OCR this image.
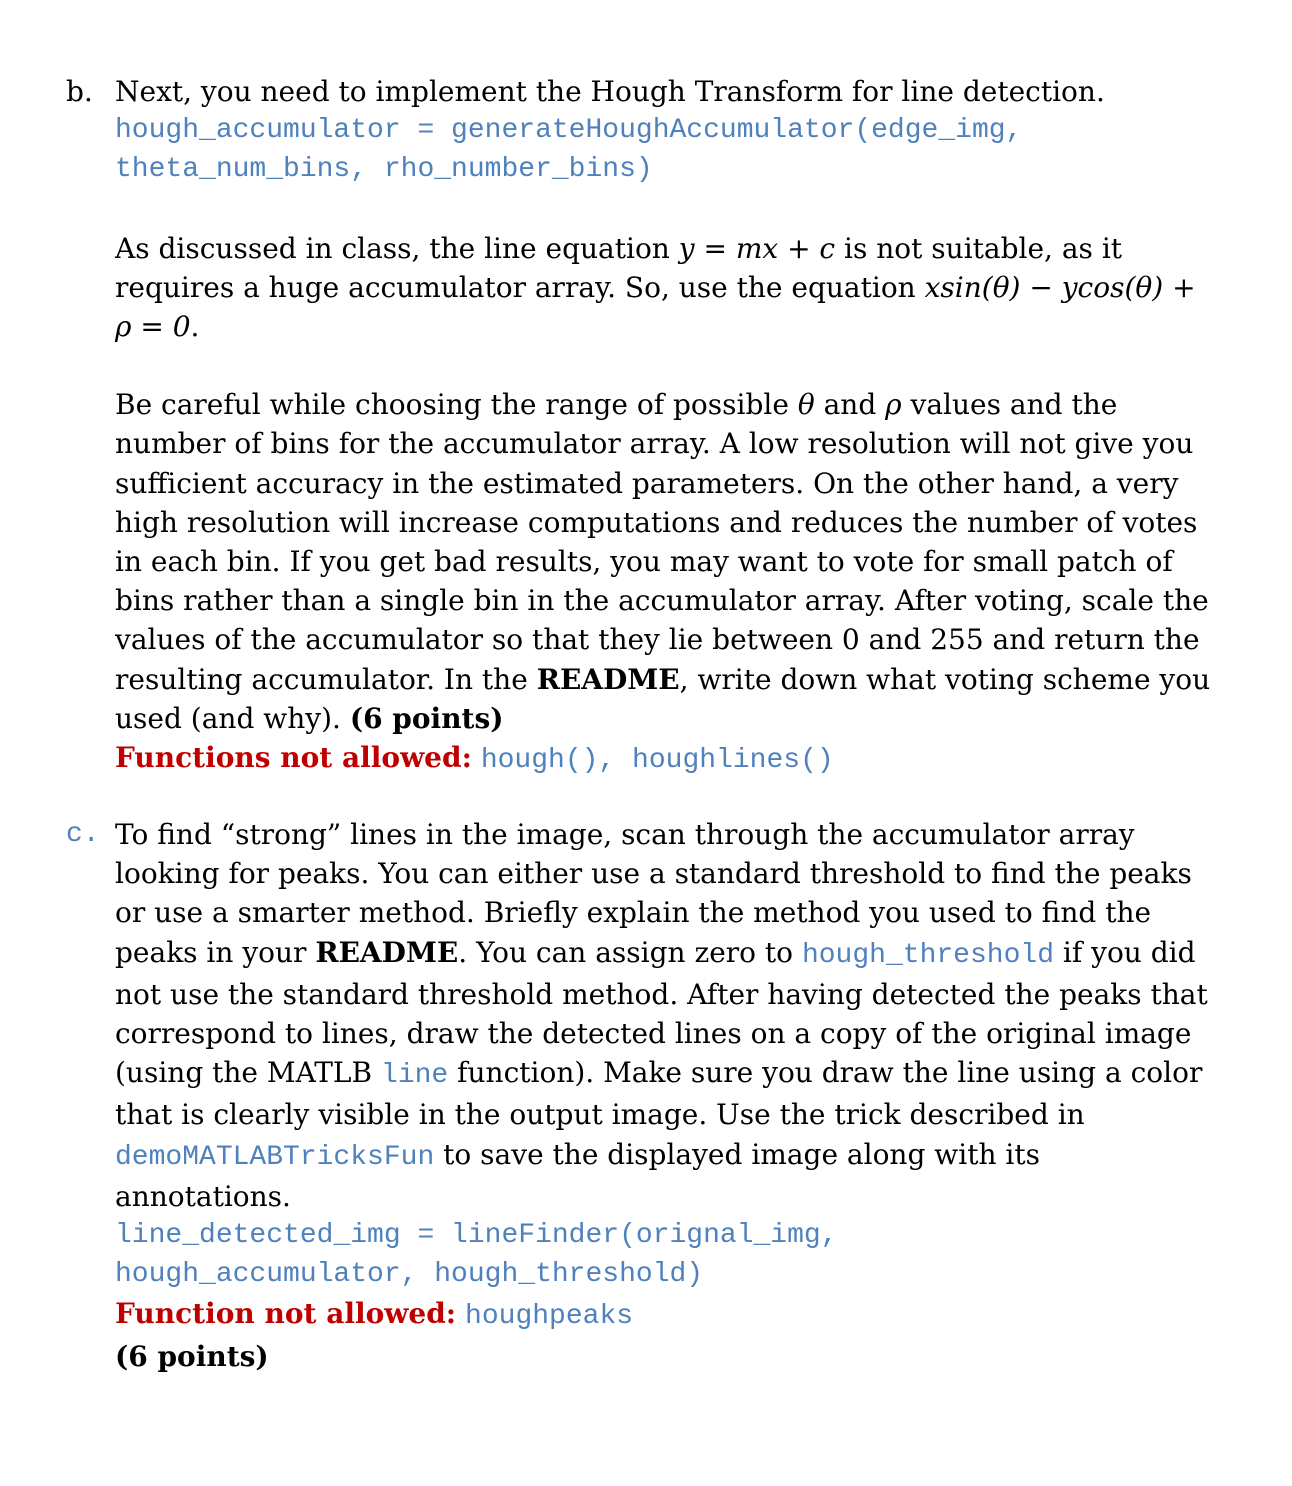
b. Next, you need to implement the Hough Transform for line detection.

hough_accumulator = generateHoughAccumulator(edge_img,

theta_num_bins, rho_number_bins)

As discussed in class, the line equation y = mx + c is not suitable, as it requires a huge accumulator array. So, use the equation xsin(θ) − ycos(θ) + ρ = 0.

Be careful while choosing the range of possible θ and ρ values and the number of bins for the accumulator array. A low resolution will not give you sufficient accuracy in the estimated parameters. On the other hand, a very high resolution will increase computations and reduces the number of votes in each bin. If you get bad results, you may want to vote for small patch of bins rather than a single bin in the accumulator array. After voting, scale the values of the accumulator so that they lie between 0 and 255 and return the resulting accumulator. In the README, write down what voting scheme you used (and why). (6 points)

Functions not allowed: hough(), houghlines()

c. To find “strong” lines in the image, scan through the accumulator array looking for peaks. You can either use a standard threshold to find the peaks or use a smarter method. Briefly explain the method you used to find the peaks in your README. You can assign zero to hough_threshold if you did not use the standard threshold method. After having detected the peaks that correspond to lines, draw the detected lines on a copy of the original image (using the MATLB line function). Make sure you draw the line using a color that is clearly visible in the output image. Use the trick described in demoMATLABTricksFun to save the displayed image along with its annotations.

line_detected_img = lineFinder(orignal_img,

hough_accumulator, hough_threshold)

Function not allowed: houghpeaks

(6 points)
